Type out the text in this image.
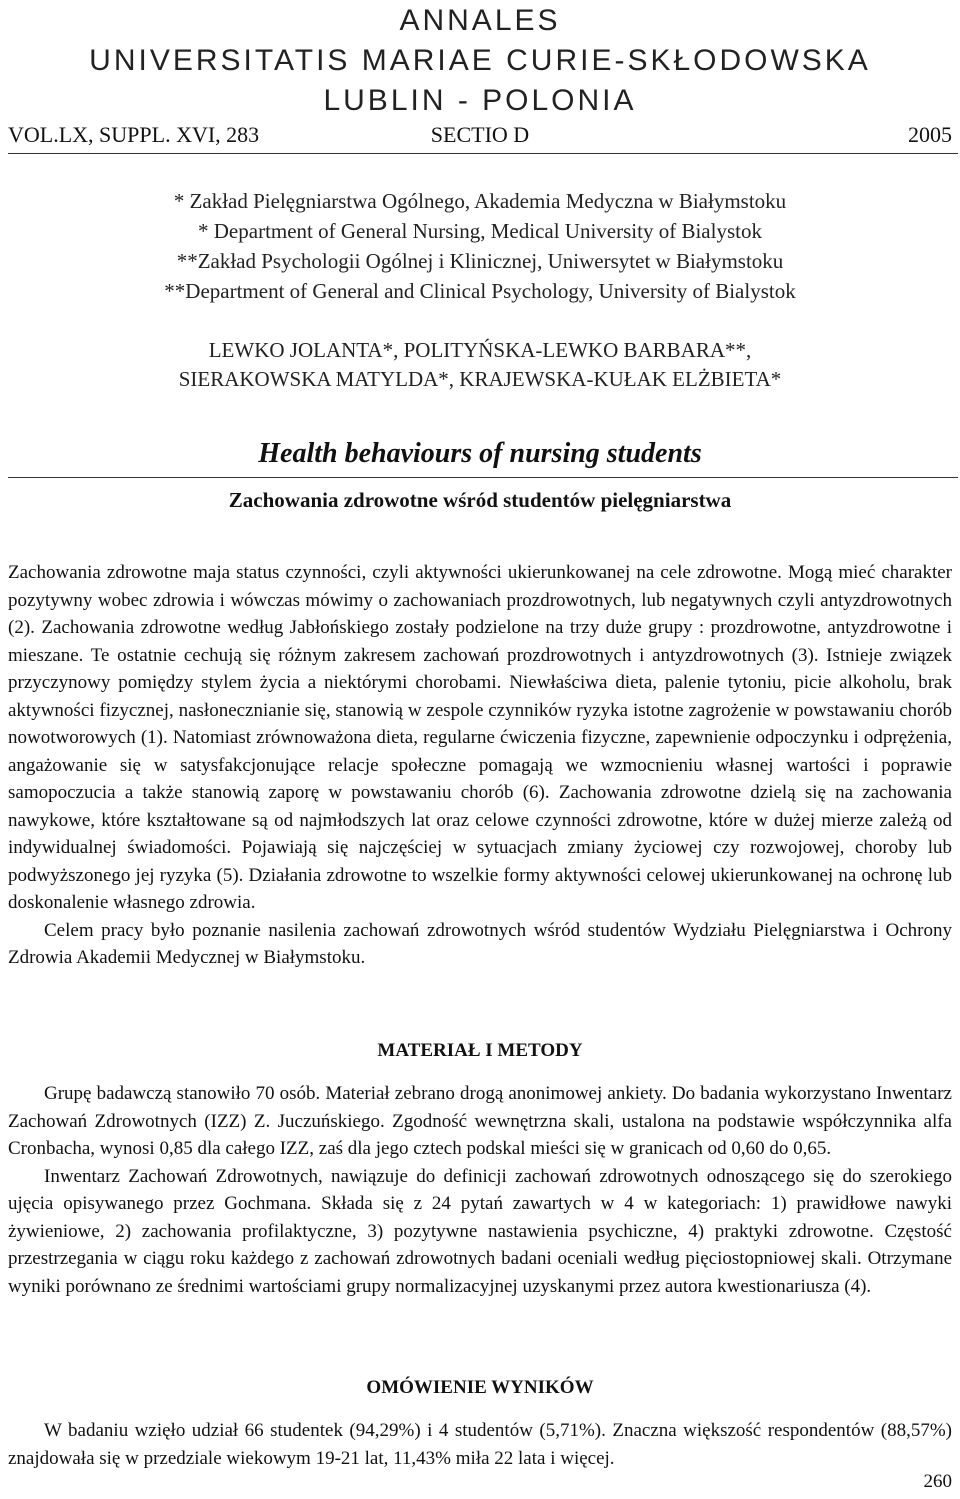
ANNALES
UNIVERSITATIS MARIAE CURIE-SKŁODOWSKA
LUBLIN - POLONIA
VOL.LX, SUPPL. XVI, 283	SECTIO D	2005
* Zakład Pielęgniarstwa Ogólnego, Akademia Medyczna w Białymstoku
* Department of General Nursing, Medical University of Bialystok
**Zakład Psychologii Ogólnej i Klinicznej, Uniwersytet w Białymstoku
**Department of General and Clinical Psychology, University of Bialystok
LEWKO JOLANTA*, POLITYŃSKA-LEWKO BARBARA**,
SIERAKOWSKA MATYLDA*, KRAJEWSKA-KUŁAK ELŻBIETA*
Health behaviours of nursing students
Zachowania zdrowotne wśród studentów pielęgniarstwa

Zachowania zdrowotne maja status czynności, czyli aktywności ukierunkowanej na cele zdrowotne. Mogą mieć charakter pozytywny wobec zdrowia i wówczas mówimy o zachowaniach prozdrowotnych, lub negatywnych czyli antyzdrowotnych (2). Zachowania zdrowotne według Jabłońskiego zostały podzielone na trzy duże grupy : prozdrowotne, antyzdrowotne i mieszane. Te ostatnie cechują się różnym zakresem zachowań prozdrowotnych i antyzdrowotnych (3). Istnieje związek przyczynowy pomiędzy stylem życia a niektórymi chorobami. Niewłaściwa dieta, palenie tytoniu, picie alkoholu, brak aktywności fizycznej, nasłonecznianie się, stanowią w zespole czynników ryzyka istotne zagrożenie w powstawaniu chorób nowotworowych (1). Natomiast zrównoważona dieta, regularne ćwiczenia fizyczne, zapewnienie odpoczynku i odprężenia, angażowanie się w satysfakcjonujące relacje społeczne pomagają we wzmocnieniu własnej wartości i poprawie samopoczucia a także stanowią zaporę w powstawaniu chorób (6). Zachowania zdrowotne dzielą się na zachowania nawykowe, które kształtowane są od najmłodszych lat oraz celowe czynności zdrowotne, które w dużej mierze zależą od indywidualnej świadomości. Pojawiają się najczęściej w sytuacjach zmiany życiowej czy rozwojowej, choroby lub podwyższonego jej ryzyka (5). Działania zdrowotne to wszelkie formy aktywności celowej ukierunkowanej na ochronę lub doskonalenie własnego zdrowia.

Celem pracy było poznanie nasilenia zachowań zdrowotnych wśród studentów Wydziału Pielęgniarstwa i Ochrony Zdrowia Akademii Medycznej w Białymstoku.

MATERIAŁ I METODY

Grupę badawczą stanowiło 70 osób. Materiał zebrano drogą anonimowej ankiety. Do badania wykorzystano Inwentarz Zachowań Zdrowotnych (IZZ) Z. Juczuńskiego. Zgodność wewnętrzna skali, ustalona na podstawie współczynnika alfa Cronbacha, wynosi 0,85 dla całego IZZ, zaś dla jego cztech podskal mieści się w granicach od 0,60 do 0,65.

Inwentarz Zachowań Zdrowotnych, nawiązuje do definicji zachowań zdrowotnych odnoszącego się do szerokiego ujęcia opisywanego przez Gochmana. Składa się z 24 pytań zawartych w 4 w kategoriach: 1) prawidłowe nawyki żywieniowe, 2) zachowania profilaktyczne, 3) pozytywne nastawienia psychiczne, 4) praktyki zdrowotne. Częstość przestrzegania w ciągu roku każdego z zachowań zdrowotnych badani oceniali według pięciostopniowej skali. Otrzymane wyniki porównano ze średnimi wartościami grupy normalizacyjnej uzyskanymi przez autora kwestionariusza (4).

OMÓWIENIE WYNIKÓW

W badaniu wzięło udział 66 studentek (94,29%) i 4 studentów (5,71%). Znaczna większość respondentów (88,57%) znajdowała się w przedziale wiekowym 19-21 lat, 11,43% miła 22 lata i więcej.

260
